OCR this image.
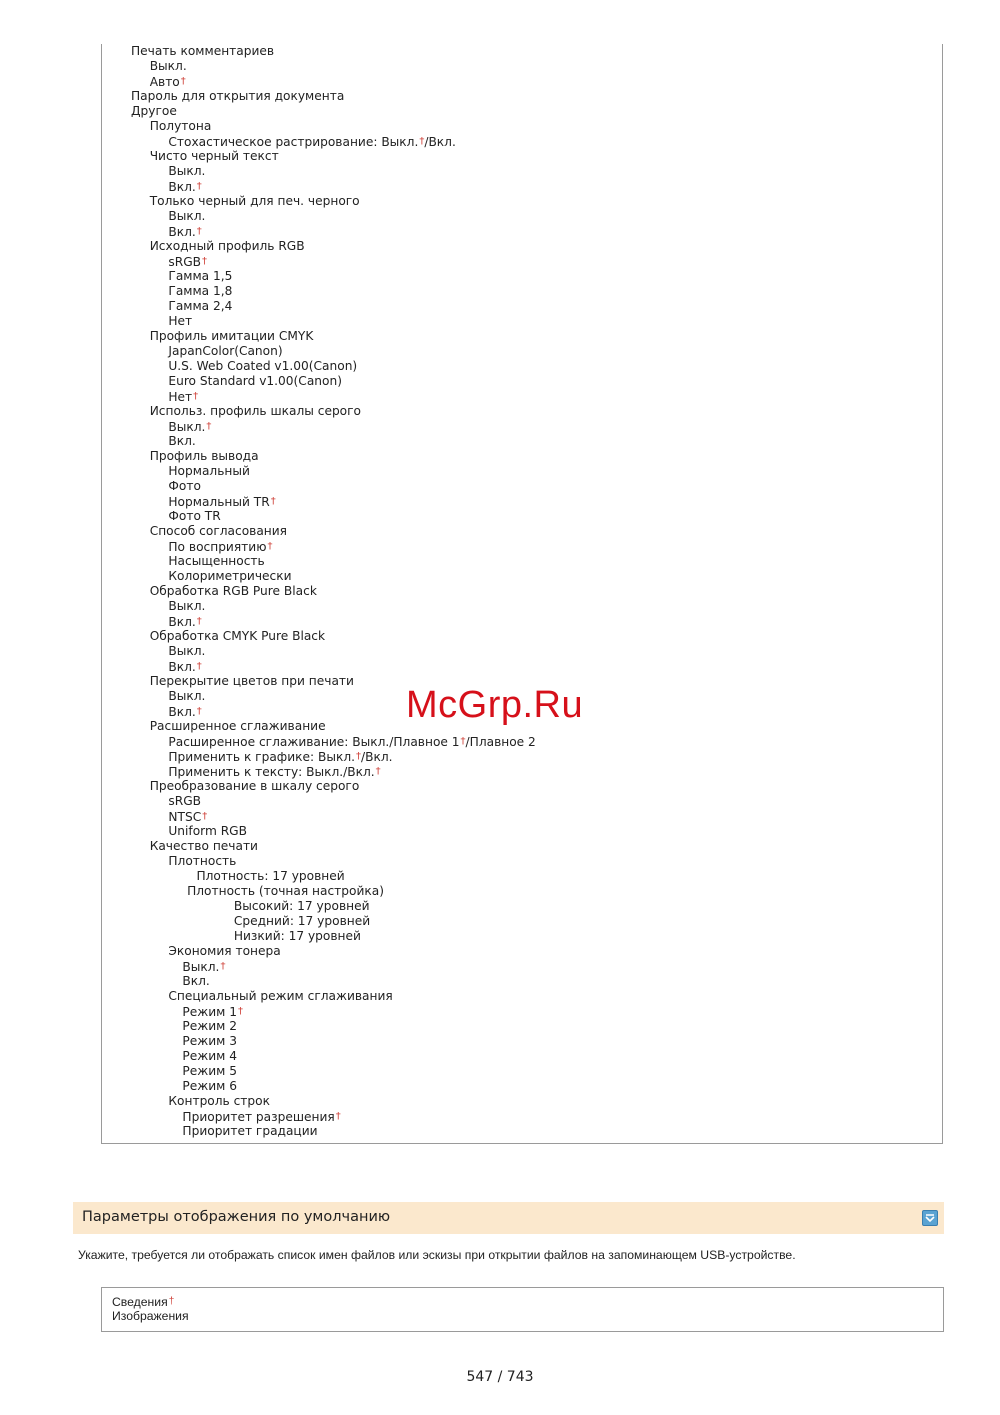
Печать комментариев
Выкл.
Авто†
Пароль для открытия документа
Другое
Полутона
Стохастическое растрирование: Выкл.†/Вкл.
Чисто черный текст
Выкл.
Вкл.†
Только черный для печ. черного
Выкл.
Вкл.†
Исходный профиль RGB
sRGB†
Гамма 1,5
Гамма 1,8
Гамма 2,4
Нет
Профиль имитации CMYK
JapanColor(Canon)
U.S. Web Coated v1.00(Canon)
Euro Standard v1.00(Canon)
Нет†
Использ. профиль шкалы серого
Выкл.†
Вкл.
Профиль вывода
Нормальный
Фото
Нормальный TR†
Фото TR
Способ согласования
По восприятию†
Насыщенность
Колориметрически
Обработка RGB Pure Black
Выкл.
Вкл.†
Обработка CMYK Pure Black
Выкл.
Вкл.†
Перекрытие цветов при печати
Выкл.
Вкл.†
Расширенное сглаживание
Расширенное сглаживание: Выкл./Плавное 1†/Плавное 2
Применить к графике: Выкл.†/Вкл.
Применить к тексту: Выкл./Вкл.†
Преобразование в шкалу серого
sRGB
NTSC†
Uniform RGB
Качество печати
Плотность
Плотность: 17 уровней
Плотность (точная настройка)
Высокий: 17 уровней
Средний: 17 уровней
Низкий: 17 уровней
Экономия тонера
Выкл.†
Вкл.
Специальный режим сглаживания
Режим 1†
Режим 2
Режим 3
Режим 4
Режим 5
Режим 6
Контроль строк
Приоритет разрешения†
Приоритет градации
McGrp.Ru
Параметры отображения по умолчанию
Укажите, требуется ли отображать список имен файлов или эскизы при открытии файлов на запоминающем USB-устройстве.
Сведения†
Изображения
547 / 743
